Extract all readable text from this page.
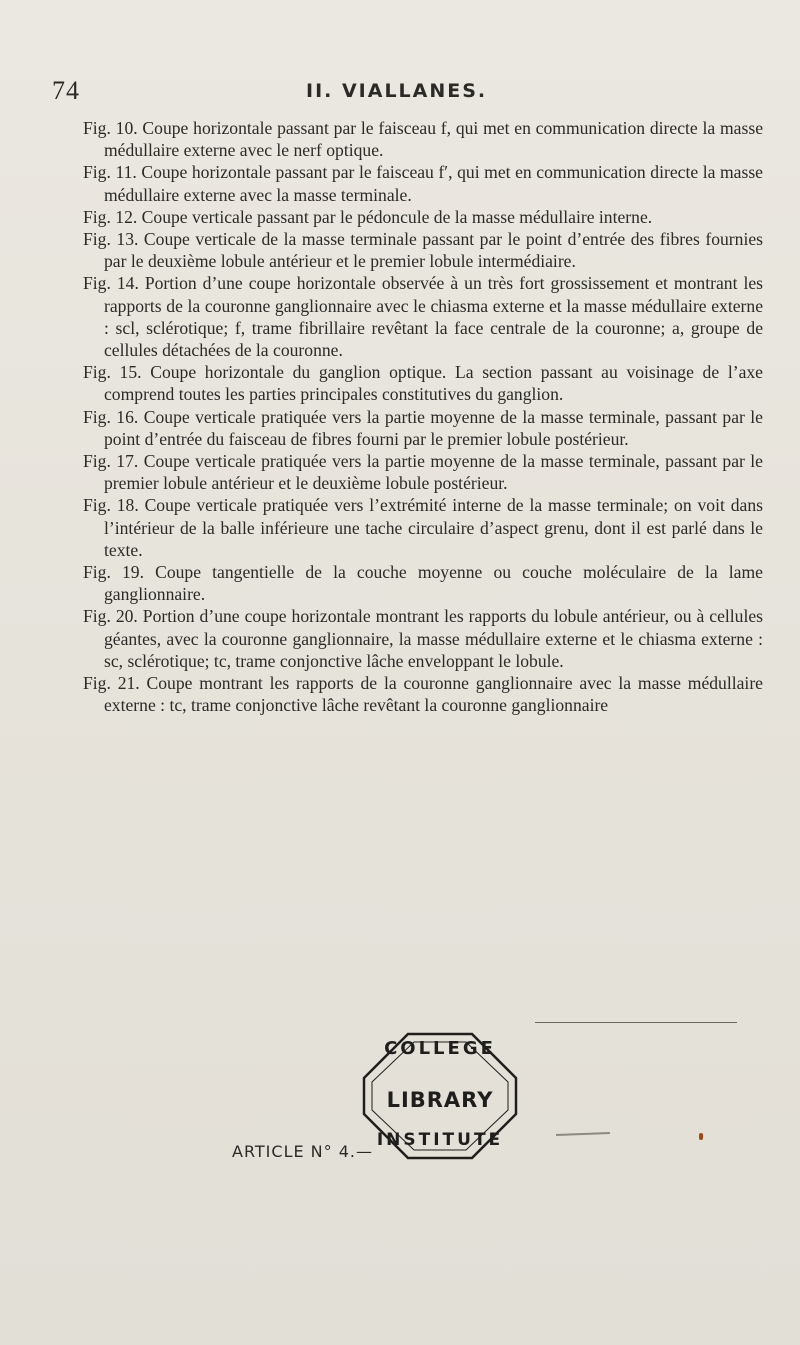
74	II. VIALLANES.

Fig. 10. Coupe horizontale passant par le faisceau f, qui met en communication directe la masse médullaire externe avec le nerf optique.

Fig. 11. Coupe horizontale passant par le faisceau f′, qui met en communication directe la masse médullaire externe avec la masse terminale.

Fig. 12. Coupe verticale passant par le pédoncule de la masse médullaire interne.

Fig. 13. Coupe verticale de la masse terminale passant par le point d’entrée des fibres fournies par le deuxième lobule antérieur et le premier lobule intermédiaire.

Fig. 14. Portion d’une coupe horizontale observée à un très fort grossissement et montrant les rapports de la couronne ganglionnaire avec le chiasma externe et la masse médullaire externe : scl, sclérotique; f, trame fibrillaire revêtant la face centrale de la couronne; a, groupe de cellules détachées de la couronne.

Fig. 15. Coupe horizontale du ganglion optique. La section passant au voisinage de l’axe comprend toutes les parties principales constitutives du ganglion.

Fig. 16. Coupe verticale pratiquée vers la partie moyenne de la masse terminale, passant par le point d’entrée du faisceau de fibres fourni par le premier lobule postérieur.

Fig. 17. Coupe verticale pratiquée vers la partie moyenne de la masse terminale, passant par le premier lobule antérieur et le deuxième lobule postérieur.

Fig. 18. Coupe verticale pratiquée vers l’extrémité interne de la masse terminale; on voit dans l’intérieur de la balle inférieure une tache circulaire d’aspect grenu, dont il est parlé dans le texte.

Fig. 19. Coupe tangentielle de la couche moyenne ou couche moléculaire de la lame ganglionnaire.

Fig. 20. Portion d’une coupe horizontale montrant les rapports du lobule antérieur, ou à cellules géantes, avec la couronne ganglionnaire, la masse médullaire externe et le chiasma externe : sc, sclérotique; tc, trame conjonctive lâche enveloppant le lobule.

Fig. 21. Coupe montrant les rapports de la couronne ganglionnaire avec la masse médullaire externe : tc, trame conjonctive lâche revêtant la couronne ganglionnaire

COLLEGE
LIBRARY
INSTITUTE
ARTICLE N° 4.—
